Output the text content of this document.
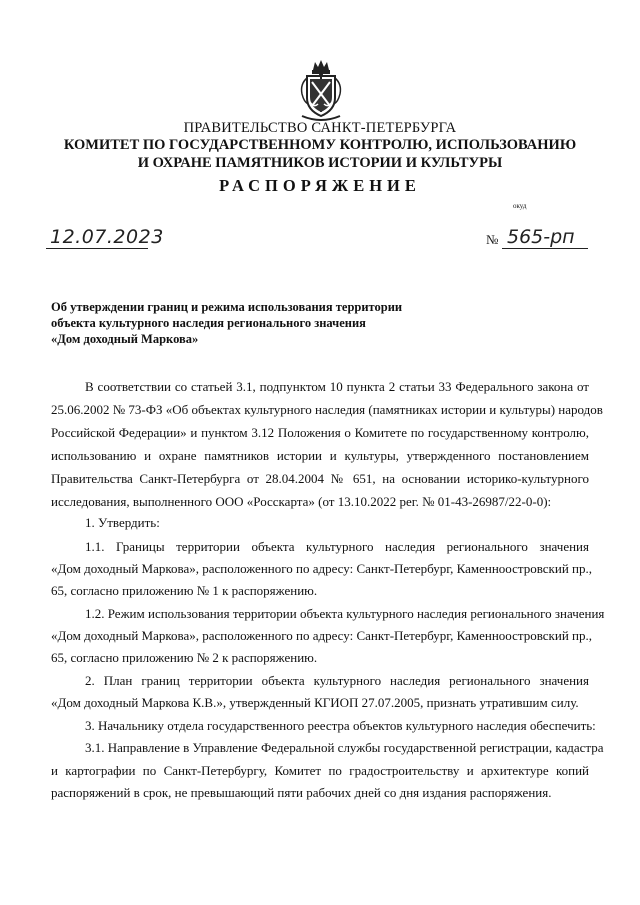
ПРАВИТЕЛЬСТВО САНКТ-ПЕТЕРБУРГА
КОМИТЕТ ПО ГОСУДАРСТВЕННОМУ КОНТРОЛЮ, ИСПОЛЬЗОВАНИЮ
И ОХРАНЕ ПАМЯТНИКОВ ИСТОРИИ И КУЛЬТУРЫ
РАСПОРЯЖЕНИЕ
окуд
12.07.2023	№ 565-рп
Об утверждении границ и режима использования территории
объекта культурного наследия регионального значения
«Дом доходный Маркова»
В соответствии со статьей 3.1, подпунктом 10 пункта 2 статьи 33 Федерального закона от
25.06.2002 № 73-ФЗ «Об объектах культурного наследия (памятниках истории и культуры) народов
Российской Федерации» и пунктом 3.12 Положения о Комитете по государственному контролю,
использованию и охране памятников истории и культуры, утвержденного постановлением
Правительства Санкт-Петербурга от 28.04.2004 № 651, на основании историко-культурного
исследования, выполненного ООО «Росскарта» (от 13.10.2022 рег. № 01-43-26987/22-0-0):
1. Утвердить:
1.1. Границы территории объекта культурного наследия регионального значения
«Дом доходный Маркова», расположенного по адресу: Санкт-Петербург, Каменноостровский пр.,
65, согласно приложению № 1 к распоряжению.
1.2. Режим использования территории объекта культурного наследия регионального значения
«Дом доходный Маркова», расположенного по адресу: Санкт-Петербург, Каменноостровский пр.,
65, согласно приложению № 2 к распоряжению.
2. План границ территории объекта культурного наследия регионального значения
«Дом доходный Маркова К.В.», утвержденный КГИОП 27.07.2005, признать утратившим силу.
3. Начальнику отдела государственного реестра объектов культурного наследия обеспечить:
3.1. Направление в Управление Федеральной службы государственной регистрации, кадастра
и картографии по Санкт-Петербургу, Комитет по градостроительству и архитектуре копий
распоряжений в срок, не превышающий пяти рабочих дней со дня издания распоряжения.
